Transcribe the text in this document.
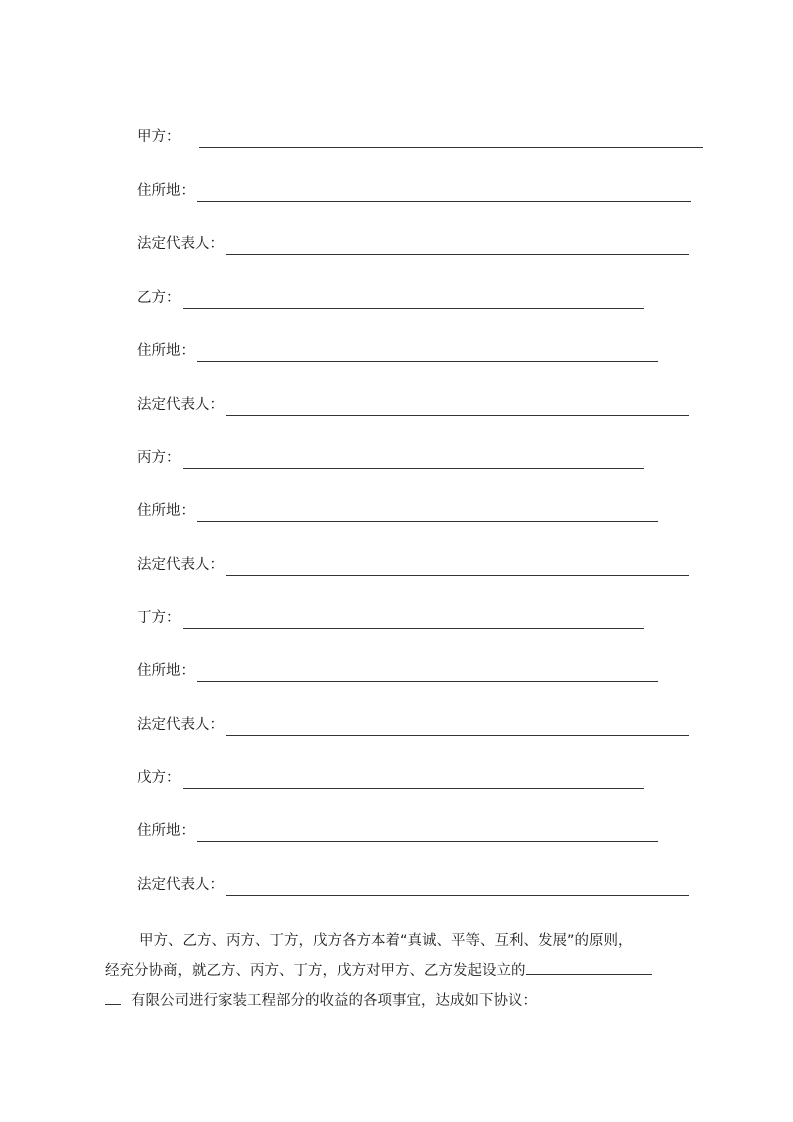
甲方：
住所地：
法定代表人：
乙方：
住所地：
法定代表人：
丙方：
住所地：
法定代表人：
丁方：
住所地：
法定代表人：
戊方：
住所地：
法定代表人：
甲方、乙方、丙方、丁方，戊方各方本着“真诚、平等、互利、发展”的原则，
经充分协商，就乙方、丙方、丁方，戊方对甲方、乙方发起设立的
有限公司进行家装工程部分的收益的各项事宜，达成如下协议：
